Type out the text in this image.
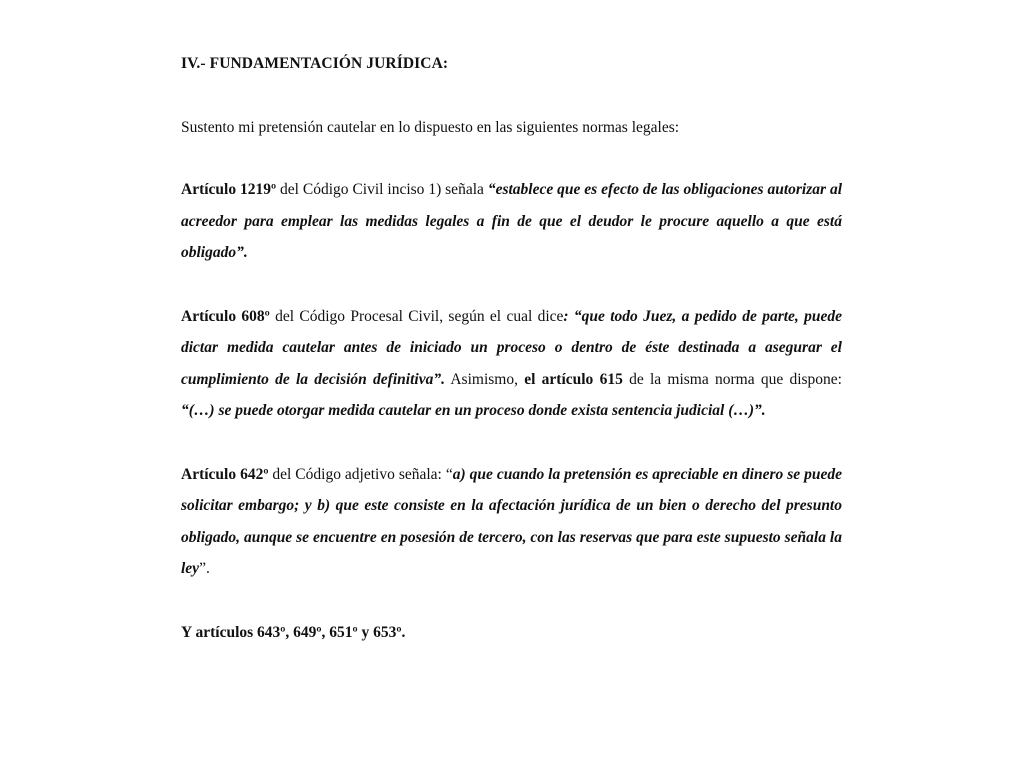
IV.- FUNDAMENTACIÓN JURÍDICA:

Sustento mi pretensión cautelar en lo dispuesto en las siguientes normas legales:

Artículo 1219º del Código Civil inciso 1) señala “establece que es efecto de las obligaciones autorizar al acreedor para emplear las medidas legales a fin de que el deudor le procure aquello a que está obligado”.

Artículo 608º del Código Procesal Civil, según el cual dice: “que todo Juez, a pedido de parte, puede dictar medida cautelar antes de iniciado un proceso o dentro de éste destinada a asegurar el cumplimiento de la decisión definitiva”. Asimismo, el artículo 615 de la misma norma que dispone: “(…) se puede otorgar medida cautelar en un proceso donde exista sentencia judicial (…)”.

Artículo 642º del Código adjetivo señala: “a) que cuando la pretensión es apreciable en dinero se puede solicitar embargo; y b) que este consiste en la afectación jurídica de un bien o derecho del presunto obligado, aunque se encuentre en posesión de tercero, con las reservas que para este supuesto señala la ley”.

Y artículos 643º, 649º, 651º y 653º.
